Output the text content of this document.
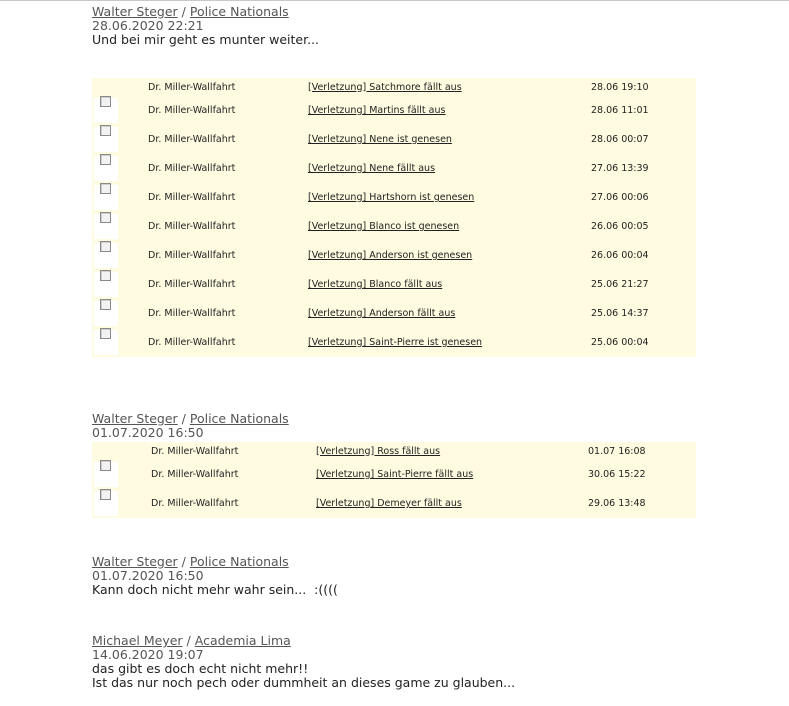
Walter Steger / Police Nationals
28.06.2020 22:21
Und bei mir geht es munter weiter...
	Dr. Miller-Wallfahrt	[Verletzung] Satchmore fällt aus	28.06 19:10
	Dr. Miller-Wallfahrt	[Verletzung] Martins fällt aus	28.06 11:01
	Dr. Miller-Wallfahrt	[Verletzung] Nene ist genesen	28.06 00:07
	Dr. Miller-Wallfahrt	[Verletzung] Nene fällt aus	27.06 13:39
	Dr. Miller-Wallfahrt	[Verletzung] Hartshorn ist genesen	27.06 00:06
	Dr. Miller-Wallfahrt	[Verletzung] Blanco ist genesen	26.06 00:05
	Dr. Miller-Wallfahrt	[Verletzung] Anderson ist genesen	26.06 00:04
	Dr. Miller-Wallfahrt	[Verletzung] Blanco fällt aus	25.06 21:27
	Dr. Miller-Wallfahrt	[Verletzung] Anderson fällt aus	25.06 14:37
	Dr. Miller-Wallfahrt	[Verletzung] Saint-Pierre ist genesen	25.06 00:04
Walter Steger / Police Nationals
01.07.2020 16:50
	Dr. Miller-Wallfahrt	[Verletzung] Ross fällt aus	01.07 16:08
	Dr. Miller-Wallfahrt	[Verletzung] Saint-Pierre fällt aus	30.06 15:22
	Dr. Miller-Wallfahrt	[Verletzung] Demeyer fällt aus	29.06 13:48
Walter Steger / Police Nationals
01.07.2020 16:50
Kann doch nicht mehr wahr sein...  :((((
Michael Meyer / Academia Lima
14.06.2020 19:07
das gibt es doch echt nicht mehr!!
Ist das nur noch pech oder dummheit an dieses game zu glauben...
